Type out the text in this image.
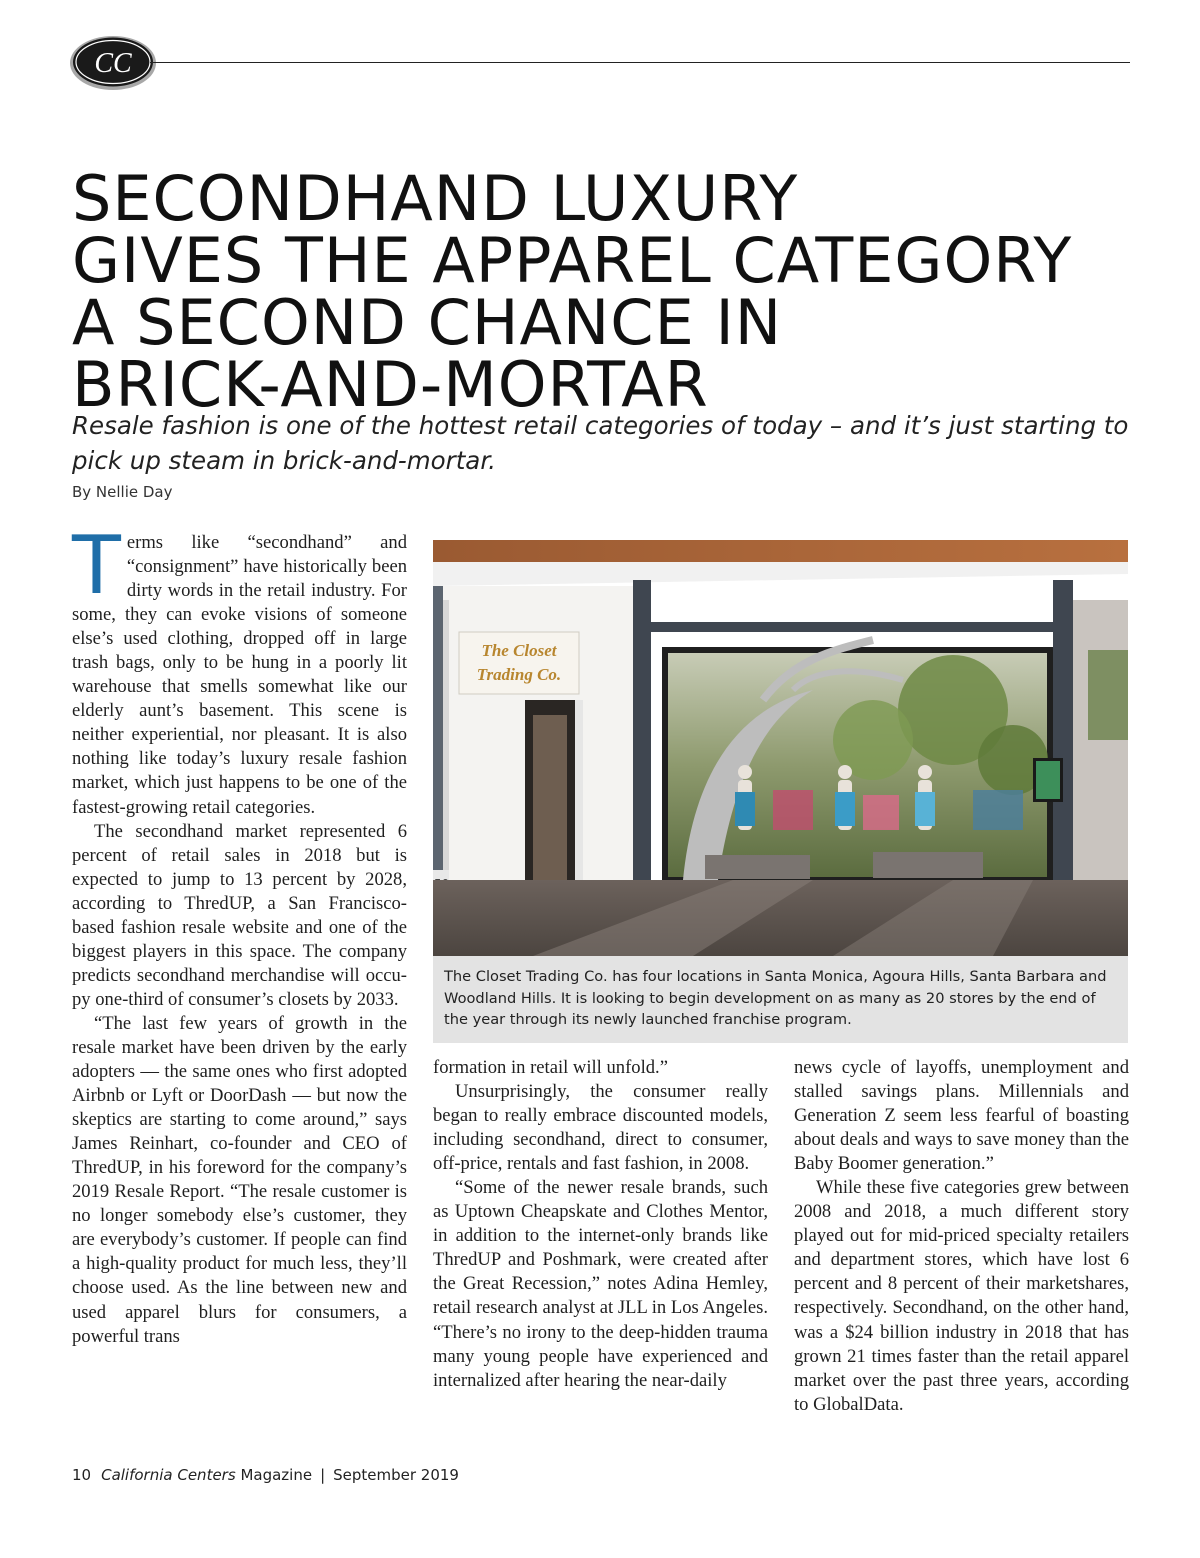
CC
SECONDHAND LUXURY
GIVES THE APPAREL CATEGORY
A SECOND CHANCE IN
BRICK-AND-MORTAR

Resale fashion is one of the hottest retail categories of today – and it’s just starting to pick up steam in brick-and-mortar.

By Nellie Day

Terms like “secondhand” and “consignment” have historically been dirty words in the retail industry. For some, they can evoke visions of someone else’s used clothing, dropped off in large trash bags, only to be hung in a poorly lit warehouse that smells somewhat like our elderly aunt’s basement. This scene is neither experiential, nor pleasant. It is also nothing like today’s luxury resale fashion market, which just happens to be one of the fastest-growing retail categories.

The secondhand market represented 6 percent of retail sales in 2018 but is expected to jump to 13 percent by 2028, according to ThredUP, a San Francisco-based fashion resale website and one of the biggest players in this space. The company predicts secondhand merchandise will occupy one-third of consumer’s closets by 2033.

“The last few years of growth in the resale market have been driven by the early adopters — the same ones who first adopted Airbnb or Lyft or DoorDash — but now the skeptics are starting to come around,” says James Reinhart, co-founder and CEO of ThredUP, in his foreword for the company’s 2019 Resale Report. “The resale customer is no longer somebody else’s customer, they are everybody’s customer. If people can find a high-quality product for much less, they’ll choose used. As the line between new and used apparel blurs for consumers, a powerful trans

The Closet
Trading Co.

The Closet Trading Co. has four locations in Santa Monica, Agoura Hills, Santa Barbara and Woodland Hills. It is looking to begin development on as many as 20 stores by the end of the year through its newly launched franchise program.

formation in retail will unfold.”

Unsurprisingly, the consumer really began to really embrace discounted models, including secondhand, direct to consumer, off-price, rentals and fast fashion, in 2008.

“Some of the newer resale brands, such as Uptown Cheapskate and Clothes Mentor, in addition to the internet-only brands like ThredUP and Poshmark, were created after the Great Recession,” notes Adina Hemley, retail research analyst at JLL in Los Angeles. “There’s no irony to the deep-hidden trauma many young people have experienced and internalized after hearing the near-daily

news cycle of layoffs, unemployment and stalled savings plans. Millennials and Generation Z seem less fearful of boasting about deals and ways to save money than the Baby Boomer generation.”

While these five categories grew between 2008 and 2018, a much different story played out for mid-priced specialty retailers and department stores, which have lost 6 percent and 8 percent of their marketshares, respectively. Secondhand, on the other hand, was a $24 billion industry in 2018 that has grown 21 times faster than the retail apparel market over the past three years, according to GlobalData.

10 California Centers Magazine | September 2019
